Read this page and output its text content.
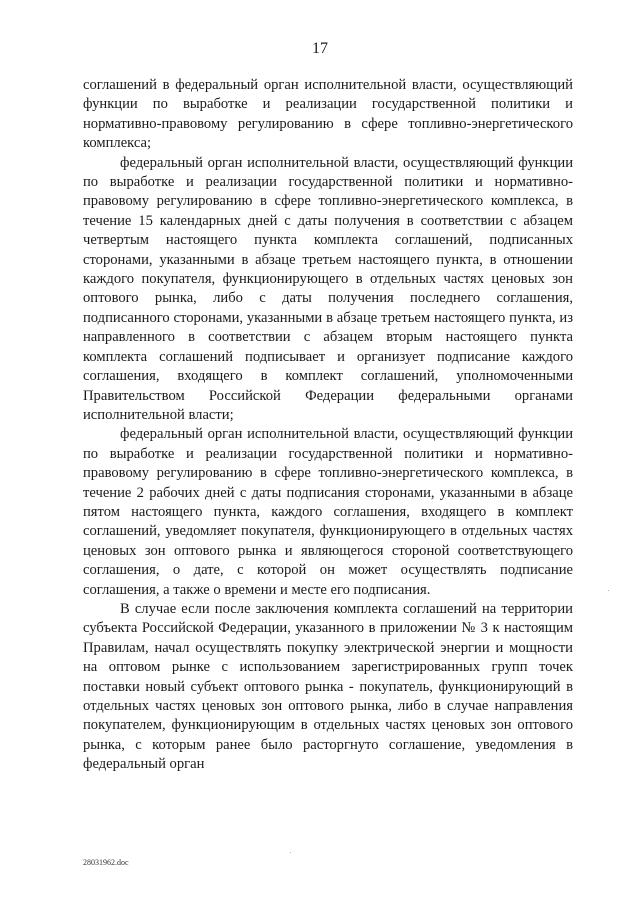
17

соглашений в федеральный орган исполнительной власти, осуществляющий функции по выработке и реализации государственной политики и нормативно-правовому регулированию в сфере топливно-энергетического комплекса;

федеральный орган исполнительной власти, осуществляющий функции по выработке и реализации государственной политики и нормативно-правовому регулированию в сфере топливно-энергетического комплекса, в течение 15 календарных дней с даты получения в соответствии с абзацем четвертым настоящего пункта комплекта соглашений, подписанных сторонами, указанными в абзаце третьем настоящего пункта, в отношении каждого покупателя, функционирующего в отдельных частях ценовых зон оптового рынка, либо с даты получения последнего соглашения, подписанного сторонами, указанными в абзаце третьем настоящего пункта, из направленного в соответствии с абзацем вторым настоящего пункта комплекта соглашений подписывает и организует подписание каждого соглашения, входящего в комплект соглашений, уполномоченными Правительством Российской Федерации федеральными органами исполнительной власти;

федеральный орган исполнительной власти, осуществляющий функции по выработке и реализации государственной политики и нормативно-правовому регулированию в сфере топливно-энергетического комплекса, в течение 2 рабочих дней с даты подписания сторонами, указанными в абзаце пятом настоящего пункта, каждого соглашения, входящего в комплект соглашений, уведомляет покупателя, функционирующего в отдельных частях ценовых зон оптового рынка и являющегося стороной соответствующего соглашения, о дате, с которой он может осуществлять подписание соглашения, а также о времени и месте его подписания.

В случае если после заключения комплекта соглашений на территории субъекта Российской Федерации, указанного в приложении № 3 к настоящим Правилам, начал осуществлять покупку электрической энергии и мощности на оптовом рынке с использованием зарегистрированных групп точек поставки новый субъект оптового рынка - покупатель, функционирующий в отдельных частях ценовых зон оптового рынка, либо в случае направления покупателем, функционирующим в отдельных частях ценовых зон оптового рынка, с которым ранее было расторгнуто соглашение, уведомления в федеральный орган

28031962.doc
